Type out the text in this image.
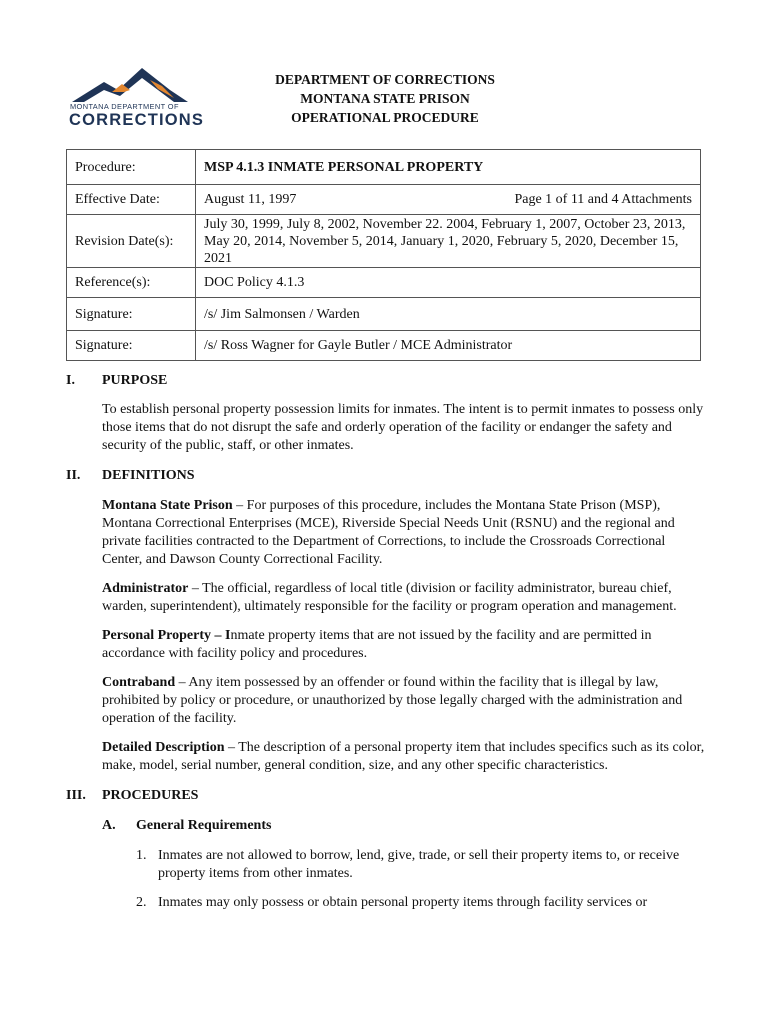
MONTANA DEPARTMENT OF
CORRECTIONS
DEPARTMENT OF CORRECTIONS
MONTANA STATE PRISON
OPERATIONAL PROCEDURE
Procedure:	MSP 4.1.3 INMATE PERSONAL PROPERTY
Effective Date:	August 11, 1997 Page 1 of 11 and 4 Attachments

Revision Date(s):	July 30, 1999, July 8, 2002, November 22. 2004, February 1, 2007, October 23, 2013, May 20, 2014, November 5, 2014, January 1, 2020, February 5, 2020, December 15, 2021
Reference(s):	DOC Policy 4.1.3
Signature:	/s/ Jim Salmonsen / Warden
Signature:	/s/ Ross Wagner for Gayle Butler / MCE Administrator
I.	PURPOSE
To establish personal property possession limits for inmates. The intent is to permit inmates to possess only those items that do not disrupt the safe and orderly operation of the facility or endanger the safety and security of the public, staff, or other inmates.
II.	DEFINITIONS
Montana State Prison – For purposes of this procedure, includes the Montana State Prison (MSP), Montana Correctional Enterprises (MCE), Riverside Special Needs Unit (RSNU) and the regional and private facilities contracted to the Department of Corrections, to include the Crossroads Correctional Center, and Dawson County Correctional Facility.
Administrator – The official, regardless of local title (division or facility administrator, bureau chief, warden, superintendent), ultimately responsible for the facility or program operation and management.
Personal Property – Inmate property items that are not issued by the facility and are permitted in accordance with facility policy and procedures.
Contraband – Any item possessed by an offender or found within the facility that is illegal by law, prohibited by policy or procedure, or unauthorized by those legally charged with the administration and operation of the facility.
Detailed Description – The description of a personal property item that includes specifics such as its color, make, model, serial number, general condition, size, and any other specific characteristics.
III.	PROCEDURES
A.	General Requirements
1. Inmates are not allowed to borrow, lend, give, trade, or sell their property items to, or receive property items from other inmates.
2. Inmates may only possess or obtain personal property items through facility services or
